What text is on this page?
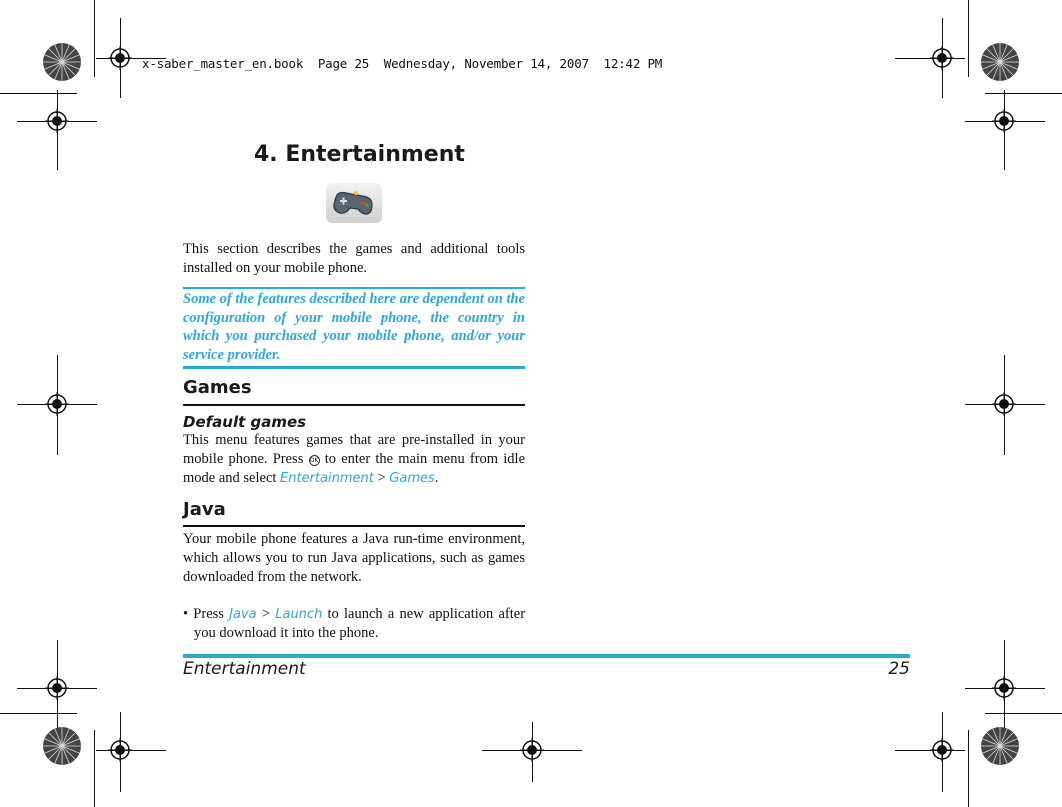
x-saber_master_en.book  Page 25  Wednesday, November 14, 2007  12:42 PM
4. Entertainment
This section describes the games and additional tools installed on your mobile phone.
Some of the features described here are dependent on the configuration of your mobile phone, the country in which you purchased your mobile phone, and/or your service provider.
Games
Default games
This menu features games that are pre-installed in your mobile phone. Press OK to enter the main menu from idle mode and select Entertainment > Games.
Java
Your mobile phone features a Java run-time environment, which allows you to run Java applications, such as games downloaded from the network.
• Press Java > Launch to launch a new application after you download it into the phone.
Entertainment	25
